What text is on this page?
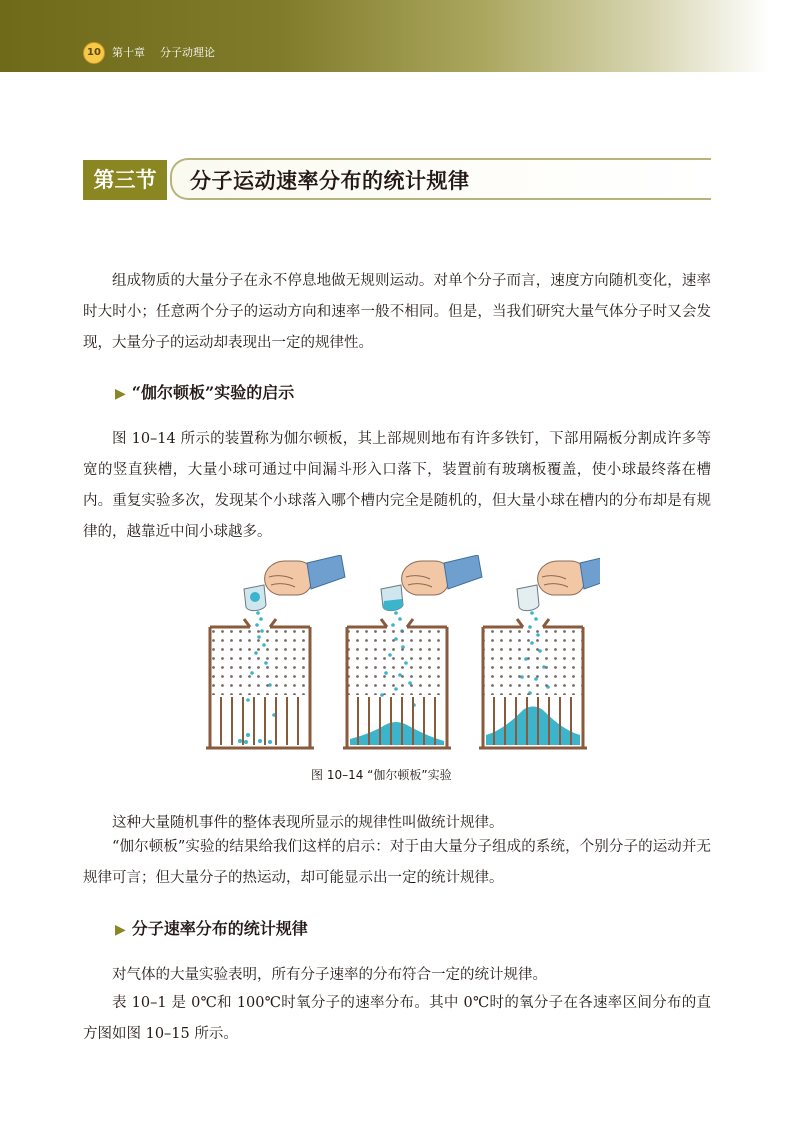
10	第十章 分子动理论
第三节	分子运动速率分布的统计规律

组成物质的大量分子在永不停息地做无规则运动。对单个分子而言，速度方向随机变化，速率时大时小；任意两个分子的运动方向和速率一般不相同。但是，当我们研究大量气体分子时又会发现，大量分子的运动却表现出一定的规律性。

▶ “伽尔顿板”实验的启示

图 10–14 所示的装置称为伽尔顿板，其上部规则地布有许多铁钉，下部用隔板分割成许多等宽的竖直狭槽，大量小球可通过中间漏斗形入口落下，装置前有玻璃板覆盖，使小球最终落在槽内。重复实验多次，发现某个小球落入哪个槽内完全是随机的，但大量小球在槽内的分布却是有规律的，越靠近中间小球越多。

图 10–14 “伽尔顿板”实验

这种大量随机事件的整体表现所显示的规律性叫做统计规律。

“伽尔顿板”实验的结果给我们这样的启示：对于由大量分子组成的系统，个别分子的运动并无规律可言；但大量分子的热运动，却可能显示出一定的统计规律。

▶ 分子速率分布的统计规律

对气体的大量实验表明，所有分子速率的分布符合一定的统计规律。

表 10–1 是 0℃和 100℃时氧分子的速率分布。其中 0℃时的氧分子在各速率区间分布的直方图如图 10–15 所示。
